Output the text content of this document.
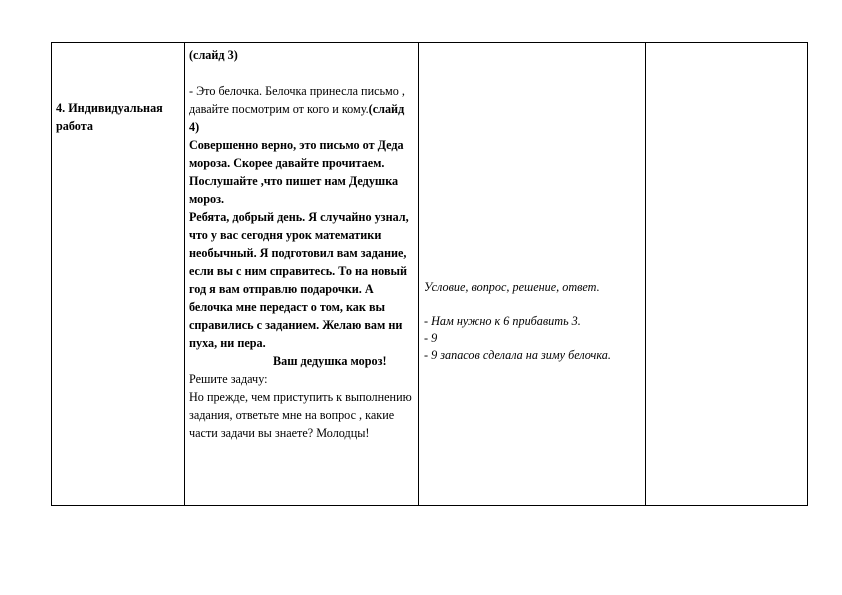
4. Индивидуальная работа
(слайд 3)
- Это белочка. Белочка принесла письмо , давайте посмотрим от кого и кому.(слайд 4)
Совершенно верно, это письмо от Деда мороза. Скорее давайте прочитаем.
Послушайте ,что пишет нам Дедушка мороз.
Ребята, добрый день. Я случайно узнал, что у вас сегодня урок математики необычный. Я подготовил вам задание, если вы с ним справитесь. То на новый год я вам отправлю подарочки. А белочка мне передаст о том, как вы справились с заданием. Желаю вам ни пуха, ни пера.
Ваш дедушка мороз!
Решите задачу:
Но прежде, чем приступить к выполнению задания, ответьте мне на вопрос , какие части задачи вы знаете? Молодцы!
Условие, вопрос, решение, ответ.
- Нам нужно к 6 прибавить 3.
- 9
- 9 запасов сделала на зиму белочка.
